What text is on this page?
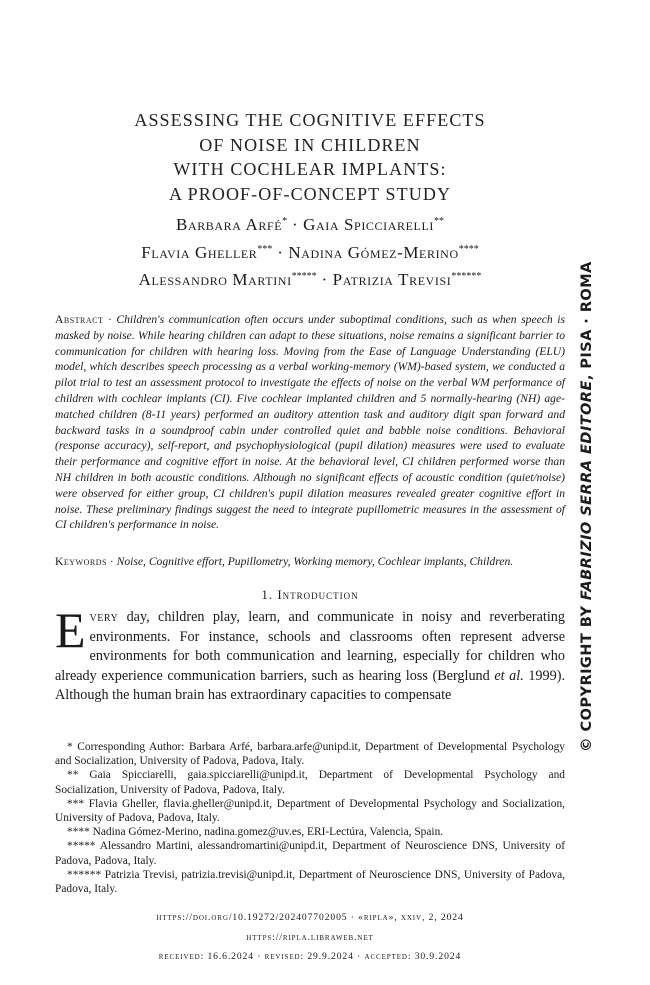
ASSESSING THE COGNITIVE EFFECTS
OF NOISE IN CHILDREN
WITH COCHLEAR IMPLANTS:
A PROOF-OF-CONCEPT STUDY
Barbara Arfé* · Gaia Spicciarelli**
Flavia Gheller*** · Nadina Gómez-Merino****
Alessandro Martini***** · Patrizia Trevisi******
Abstract · Children's communication often occurs under suboptimal conditions, such as when speech is masked by noise. While hearing children can adapt to these situations, noise remains a significant barrier to communication for children with hearing loss. Moving from the Ease of Language Understanding (ELU) model, which describes speech processing as a verbal working-memory (WM)-based system, we conducted a pilot trial to test an assessment protocol to investigate the effects of noise on the verbal WM performance of children with cochlear implants (CI). Five cochlear implanted children and 5 normally-hearing (NH) age-matched children (8-11 years) performed an auditory attention task and auditory digit span forward and backward tasks in a soundproof cabin under controlled quiet and babble noise conditions. Behavioral (response accuracy), self-report, and psychophysiological (pupil dilation) measures were used to evaluate their performance and cognitive effort in noise. At the behavioral level, CI children performed worse than NH children in both acoustic conditions. Although no significant effects of acoustic condition (quiet/noise) were observed for either group, CI children's pupil dilation measures revealed greater cognitive effort in noise. These preliminary findings suggest the need to integrate pupillometric measures in the assessment of CI children's performance in noise.
Keywords · Noise, Cognitive effort, Pupillometry, Working memory, Cochlear implants, Children.
1. Introduction
Every day, children play, learn, and communicate in noisy and reverberating environments. For instance, schools and classrooms often represent adverse environments for both communication and learning, especially for children who already experience communication barriers, such as hearing loss (Berglund et al. 1999). Although the human brain has extraordinary capacities to compensate

* Corresponding Author: Barbara Arfé, barbara.arfe@unipd.it, Department of Developmental Psychology and Socialization, University of Padova, Padova, Italy.

** Gaia Spicciarelli, gaia.spicciarelli@unipd.it, Department of Developmental Psychology and Socialization, University of Padova, Padova, Italy.

*** Flavia Gheller, flavia.gheller@unipd.it, Department of Developmental Psychology and Socialization, University of Padova, Padova, Italy.

**** Nadina Gómez-Merino, nadina.gomez@uv.es, ERI-Lectúra, Valencia, Spain.

***** Alessandro Martini, alessandromartini@unipd.it, Department of Neuroscience DNS, University of Padova, Padova, Italy.

****** Patrizia Trevisi, patrizia.trevisi@unipd.it, Department of Neuroscience DNS, University of Padova, Padova, Italy.

https://doi.org/10.19272/202407702005 · «ripla», xxiv, 2, 2024
https://ripla.libraweb.net
received: 16.6.2024 · revised: 29.9.2024 · accepted: 30.9.2024
© COPYRIGHT BY FABRIZIO SERRA EDITORE, PISA · ROMA
